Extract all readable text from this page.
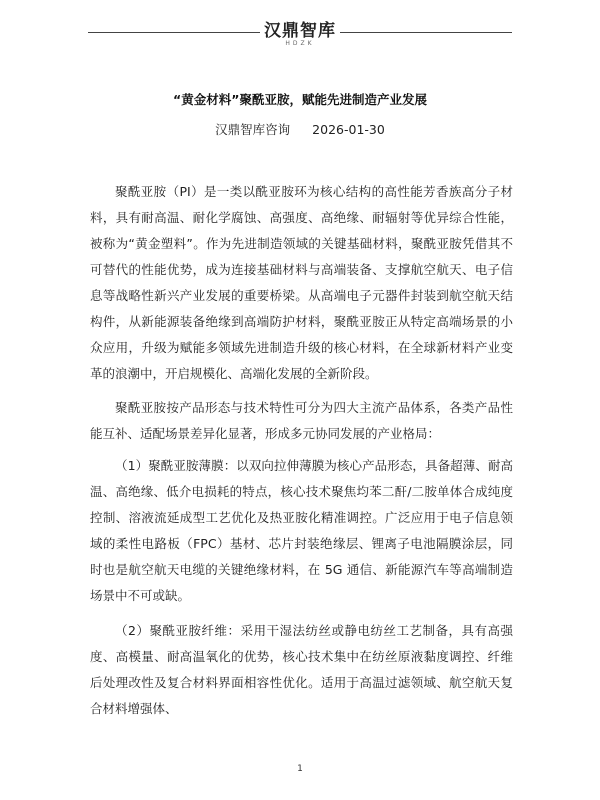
汉鼎智库
HDZK
“黄金材料”聚酰亚胺，赋能先进制造产业发展
汉鼎智库咨询 2026-01-30

聚酰亚胺（PI）是一类以酰亚胺环为核心结构的高性能芳香族高分子材料，具有耐高温、耐化学腐蚀、高强度、高绝缘、耐辐射等优异综合性能，被称为“黄金塑料”。作为先进制造领域的关键基础材料，聚酰亚胺凭借其不可替代的性能优势，成为连接基础材料与高端装备、支撑航空航天、电子信息等战略性新兴产业发展的重要桥梁。从高端电子元器件封装到航空航天结构件，从新能源装备绝缘到高端防护材料，聚酰亚胺正从特定高端场景的小众应用，升级为赋能多领域先进制造升级的核心材料，在全球新材料产业变革的浪潮中，开启规模化、高端化发展的全新阶段。

聚酰亚胺按产品形态与技术特性可分为四大主流产品体系，各类产品性能互补、适配场景差异化显著，形成多元协同发展的产业格局：

（1）聚酰亚胺薄膜：以双向拉伸薄膜为核心产品形态，具备超薄、耐高温、高绝缘、低介电损耗的特点，核心技术聚焦均苯二酐/二胺单体合成纯度控制、溶液流延成型工艺优化及热亚胺化精准调控。广泛应用于电子信息领域的柔性电路板（FPC）基材、芯片封装绝缘层、锂离子电池隔膜涂层，同时也是航空航天电缆的关键绝缘材料，在 5G 通信、新能源汽车等高端制造场景中不可或缺。

（2）聚酰亚胺纤维：采用干湿法纺丝或静电纺丝工艺制备，具有高强度、高模量、耐高温氧化的优势，核心技术集中在纺丝原液黏度调控、纤维后处理改性及复合材料界面相容性优化。适用于高温过滤领域、航空航天复合材料增强体、

1
